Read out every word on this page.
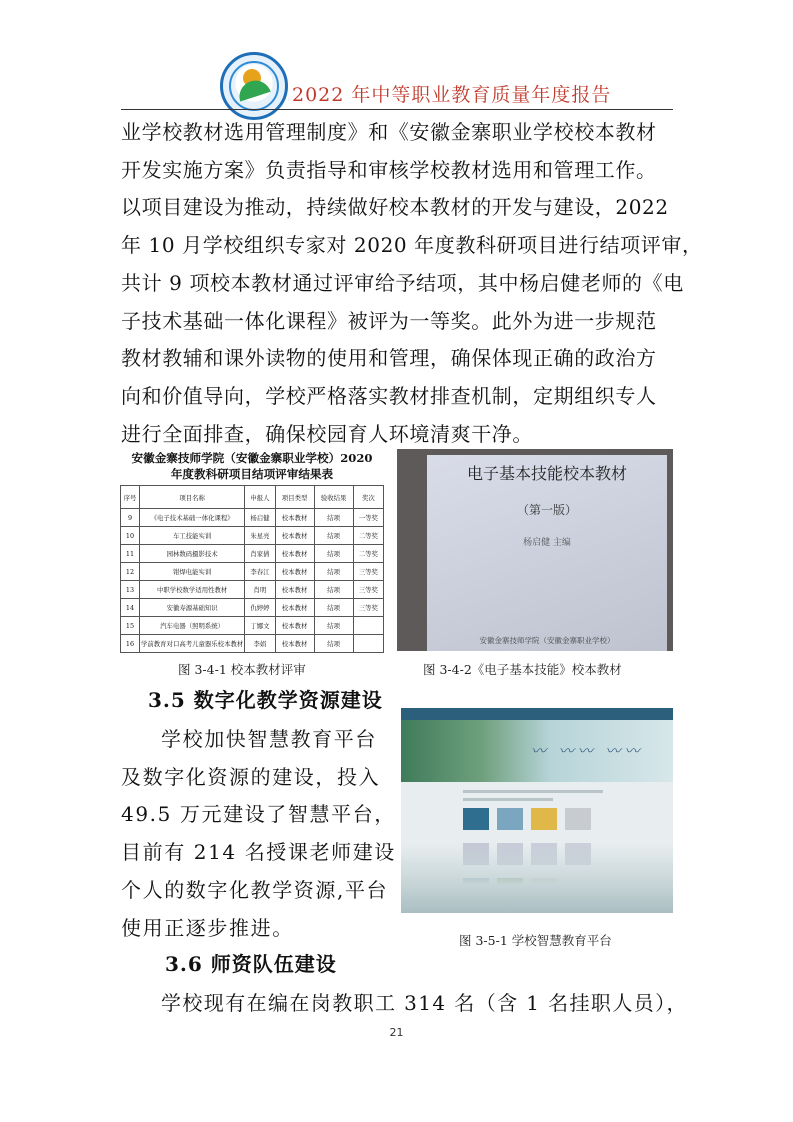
2022 年中等职业教育质量年度报告
业学校教材选用管理制度》和《安徽金寨职业学校校本教材
开发实施方案》负责指导和审核学校教材选用和管理工作。
以项目建设为推动，持续做好校本教材的开发与建设，2022
年 10 月学校组织专家对 2020 年度教科研项目进行结项评审，
共计 9 项校本教材通过评审给予结项，其中杨启健老师的《电
子技术基础一体化课程》被评为一等奖。此外为进一步规范
教材教辅和课外读物的使用和管理，确保体现正确的政治方
向和价值导向，学校严格落实教材排查机制，定期组织专人
进行全面排查，确保校园育人环境清爽干净。
安徽金寨技师学院（安徽金寨职业学校）2020
年度教科研项目结项评审结果表
序号	项目名称	申报人	项目类型	验收结果	奖次
9	《电子技术基础一体化课程》	杨启健	校本教材	结项	一等奖
10	车工技能实训	朱星亮	校本教材	结项	二等奖
11	园林数码摄影技术	肖家倩	校本教材	结项	二等奖
12	钳焊电能实训	李春江	校本教材	结项	三等奖
13	中职学校数学适用性教材	肖明	校本教材	结项	三等奖
14	安徽寿源基础知识	仇婷婷	校本教材	结项	三等奖
15	汽车电器（照明系统）	丁娜文	校本教材	结项	
16	学前教育对口高考儿童器乐校本教材	李娟	校本教材	结项	
图 3-4-1 校本教材评审
电子基本技能校本教材
（第一版）
杨启健 主编
安徽金寨技师学院（安徽金寨职业学校）
图 3-4-2《电子基本技能》校本教材
3.5 数字化教学资源建设
学校加快智慧教育平台
及数字化资源的建设，投入
49.5 万元建设了智慧平台，
目前有 214 名授课老师建设
个人的数字化教学资源,平台
使用正逐步推进。
〰 〰〰 〰〰
图 3-5-1 学校智慧教育平台
3.6 师资队伍建设
学校现有在编在岗教职工 314 名（含 1 名挂职人员），
21
